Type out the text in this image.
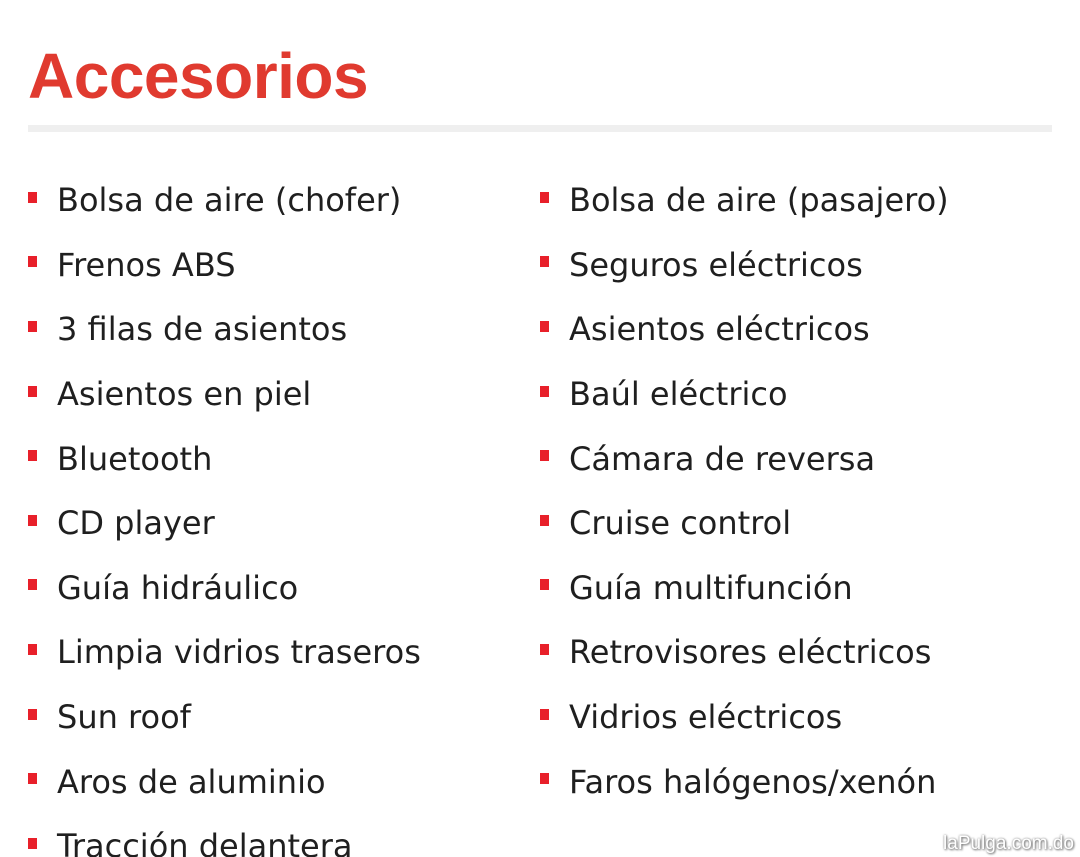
Accesorios
Bolsa de aire (chofer)	Bolsa de aire (pasajero)
Frenos ABS	Seguros eléctricos
3 filas de asientos	Asientos eléctricos
Asientos en piel	Baúl eléctrico
Bluetooth	Cámara de reversa
CD player	Cruise control
Guía hidráulico	Guía multifunción
Limpia vidrios traseros	Retrovisores eléctricos
Sun roof	Vidrios eléctricos
Aros de aluminio	Faros halógenos/xenón
Tracción delantera	laPulga.com.do
